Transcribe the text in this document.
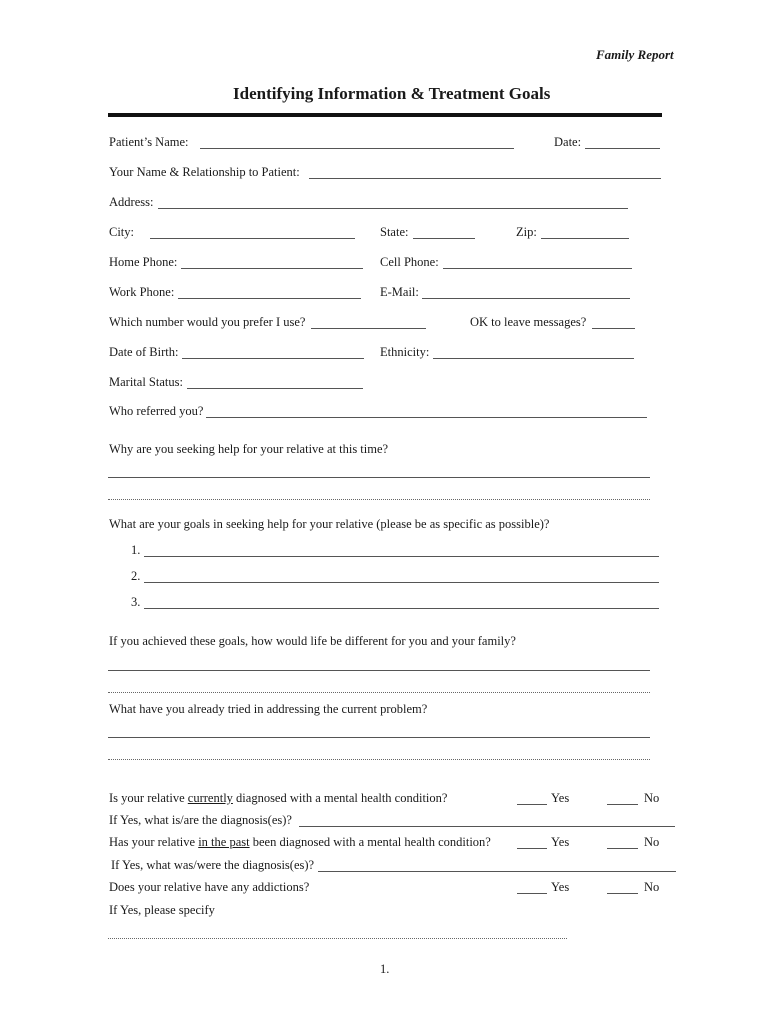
Family Report
Identifying Information & Treatment Goals
Patient’s Name:	Date:
Your Name & Relationship to Patient:
Address:
City:	State:	Zip:
Home Phone:	Cell Phone:
Work Phone:	E-Mail:
Which number would you prefer I use?	OK to leave messages?
Date of Birth:	Ethnicity:
Marital Status:
Who referred you?
Why are you seeking help for your relative at this time?
What are your goals in seeking help for your relative (please be as specific as possible)?
1.
2.
3.
If you achieved these goals, how would life be different for you and your family?
What have you already tried in addressing the current problem?
Is your relative currently diagnosed with a mental health condition?	Yes	No
If Yes, what is/are the diagnosis(es)?
Has your relative in the past been diagnosed with a mental health condition?	Yes	No
If Yes, what was/were the diagnosis(es)?
Does your relative have any addictions?	Yes	No
If Yes, please specify
1.
